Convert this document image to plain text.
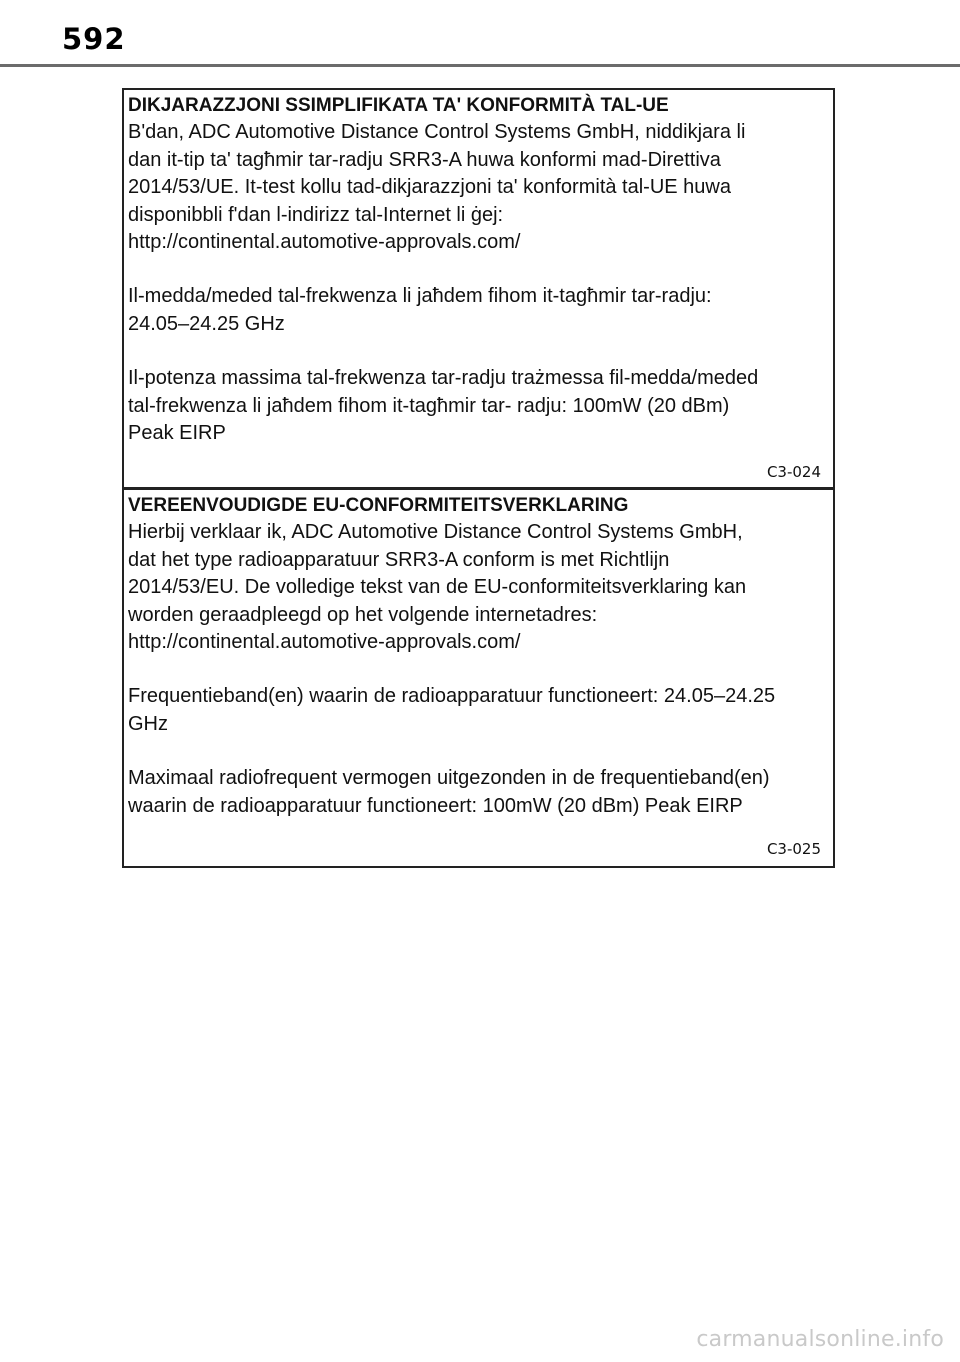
592
DIKJARAZZJONI SSIMPLIFIKATA TA' KONFORMITÀ TAL-UE
B'dan, ADC Automotive Distance Control Systems GmbH, niddikjara li
dan it-tip ta' tagħmir tar-radju SRR3-A huwa konformi mad-Direttiva
2014/53/UE. It-test kollu tad-dikjarazzjoni ta' konformità tal-UE huwa
disponibbli f'dan l-indirizz tal-Internet li ġej:
http://continental.automotive-approvals.com/
Il-medda/meded tal-frekwenza li jaħdem fihom it-tagħmir tar-radju:
24.05–24.25 GHz
Il-potenza massima tal-frekwenza tar-radju trażmessa fil-medda/meded
tal-frekwenza li jaħdem fihom it-tagħmir tar- radju: 100mW (20 dBm)
Peak EIRP
C3-024
VEREENVOUDIGDE EU-CONFORMITEITSVERKLARING
Hierbij verklaar ik, ADC Automotive Distance Control Systems GmbH,
dat het type radioapparatuur SRR3-A conform is met Richtlijn
2014/53/EU. De volledige tekst van de EU-conformiteitsverklaring kan
worden geraadpleegd op het volgende internetadres:
http://continental.automotive-approvals.com/
Frequentieband(en) waarin de radioapparatuur functioneert: 24.05–24.25
GHz
Maximaal radiofrequent vermogen uitgezonden in de frequentieband(en)
waarin de radioapparatuur functioneert: 100mW (20 dBm) Peak EIRP
C3-025
carmanualsonline.info
